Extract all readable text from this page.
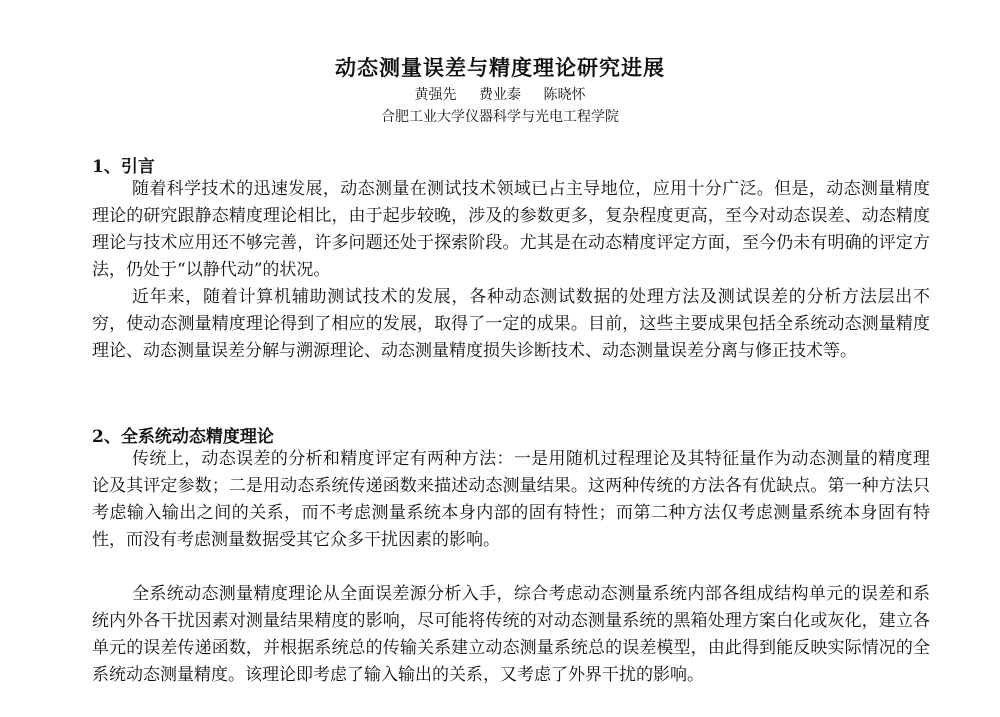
动态测量误差与精度理论研究进展
黄强先 费业泰 陈晓怀
合肥工业大学仪器科学与光电工程学院
1、引言

随着科学技术的迅速发展，动态测量在测试技术领域已占主导地位，应用十分广泛。但是，动态测量精度理论的研究跟静态精度理论相比，由于起步较晚，涉及的参数更多，复杂程度更高，至今对动态误差、动态精度理论与技术应用还不够完善，许多问题还处于探索阶段。尤其是在动态精度评定方面，至今仍未有明确的评定方法，仍处于“以静代动”的状况。

近年来，随着计算机辅助测试技术的发展，各种动态测试数据的处理方法及测试误差的分析方法层出不穷，使动态测量精度理论得到了相应的发展，取得了一定的成果。目前，这些主要成果包括全系统动态测量精度理论、动态测量误差分解与溯源理论、动态测量精度损失诊断技术、动态测量误差分离与修正技术等。

2、全系统动态精度理论

传统上，动态误差的分析和精度评定有两种方法：一是用随机过程理论及其特征量作为动态测量的精度理论及其评定参数；二是用动态系统传递函数来描述动态测量结果。这两种传统的方法各有优缺点。第一种方法只考虑输入输出之间的关系，而不考虑测量系统本身内部的固有特性；而第二种方法仅考虑测量系统本身固有特性，而没有考虑测量数据受其它众多干扰因素的影响。

全系统动态测量精度理论从全面误差源分析入手，综合考虑动态测量系统内部各组成结构单元的误差和系统内外各干扰因素对测量结果精度的影响，尽可能将传统的对动态测量系统的黑箱处理方案白化或灰化，建立各单元的误差传递函数，并根据系统总的传输关系建立动态测量系统总的误差模型，由此得到能反映实际情况的全系统动态测量精度。该理论即考虑了输入输出的关系，又考虑了外界干扰的影响。
